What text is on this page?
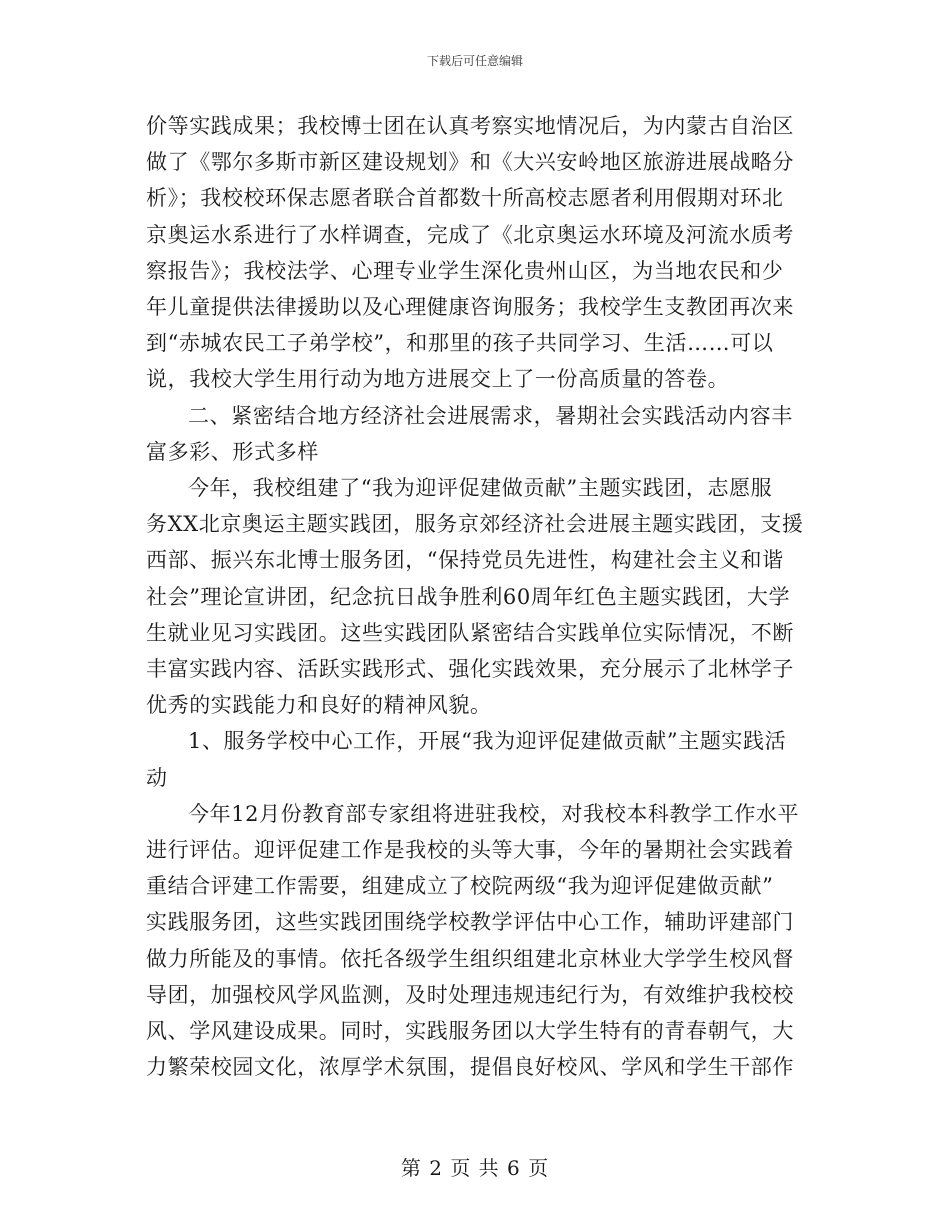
下载后可任意编辑
价等实践成果；我校博士团在认真考察实地情况后，为内蒙古自治区
做了《鄂尔多斯市新区建设规划》和《大兴安岭地区旅游进展战略分
析》；我校校环保志愿者联合首都数十所高校志愿者利用假期对环北
京奥运水系进行了水样调查，完成了《北京奥运水环境及河流水质考
察报告》；我校法学、心理专业学生深化贵州山区，为当地农民和少
年儿童提供法律援助以及心理健康咨询服务；我校学生支教团再次来
到“赤城农民工子弟学校”，和那里的孩子共同学习、生活……可以
说，我校大学生用行动为地方进展交上了一份高质量的答卷。
二、紧密结合地方经济社会进展需求，暑期社会实践活动内容丰
富多彩、形式多样
今年，我校组建了“我为迎评促建做贡献”主题实践团，志愿服
务XX北京奥运主题实践团，服务京郊经济社会进展主题实践团，支援
西部、振兴东北博士服务团，“保持党员先进性，构建社会主义和谐
社会”理论宣讲团，纪念抗日战争胜利60周年红色主题实践团，大学
生就业见习实践团。这些实践团队紧密结合实践单位实际情况，不断
丰富实践内容、活跃实践形式、强化实践效果，充分展示了北林学子
优秀的实践能力和良好的精神风貌。
1、服务学校中心工作，开展“我为迎评促建做贡献”主题实践活
动
今年12月份教育部专家组将进驻我校，对我校本科教学工作水平
进行评估。迎评促建工作是我校的头等大事，今年的暑期社会实践着
重结合评建工作需要，组建成立了校院两级“我为迎评促建做贡献”
实践服务团，这些实践团围绕学校教学评估中心工作，辅助评建部门
做力所能及的事情。依托各级学生组织组建北京林业大学学生校风督
导团，加强校风学风监测，及时处理违规违纪行为，有效维护我校校
风、学风建设成果。同时，实践服务团以大学生特有的青春朝气，大
力繁荣校园文化，浓厚学术氛围，提倡良好校风、学风和学生干部作
第 2 页 共 6 页
